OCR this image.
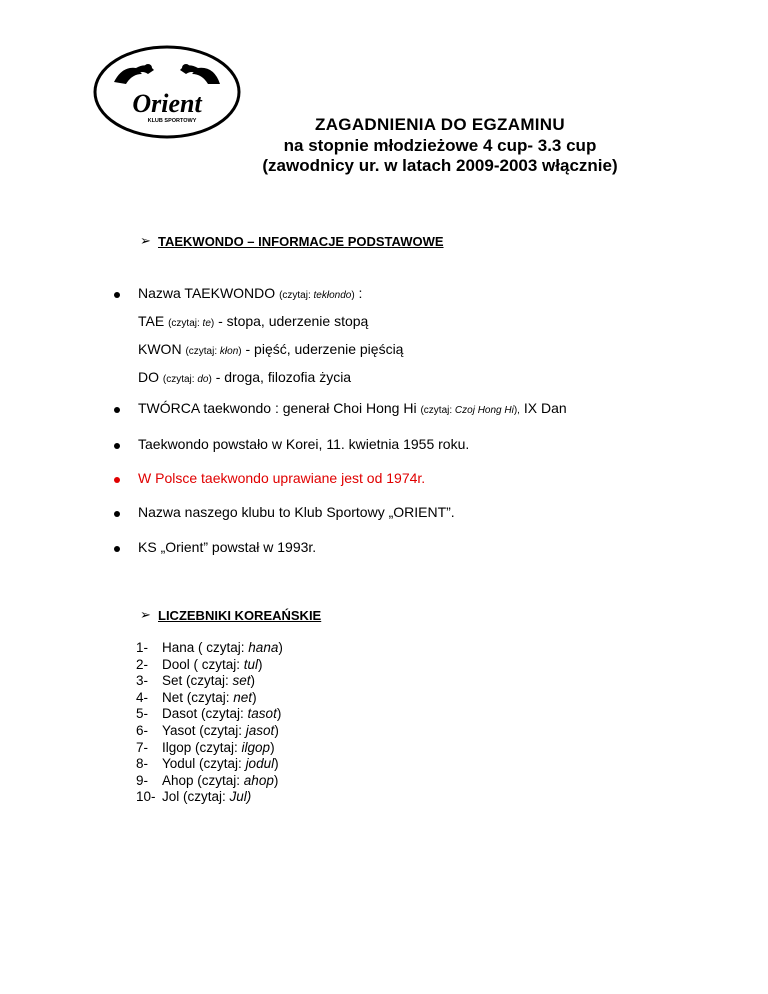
Orient
KLUB SPORTOWY	ZAGADNIENIA DO EGZAMINU
na stopnie młodzieżowe 4 cup- 3.3 cup
(zawodnicy ur. w latach 2009-2003 włącznie)
➢ TAEKWONDO – INFORMACJE PODSTAWOWE
Nazwa TAEKWONDO (czytaj: tekłondo) :
TAE (czytaj: te) - stopa, uderzenie stopą
KWON (czytaj: kłon) - pięść, uderzenie pięścią
DO (czytaj: do) - droga, filozofia życia
TWÓRCA taekwondo : generał Choi Hong Hi (czytaj: Czoj Hong Hi), IX Dan
Taekwondo powstało w Korei, 11. kwietnia 1955 roku.
W Polsce taekwondo uprawiane jest od 1974r.
Nazwa naszego klubu to Klub Sportowy „ORIENT”.
KS „Orient” powstał w 1993r.
➢ LICZEBNIKI KOREAŃSKIE
1- Hana ( czytaj: hana)
2- Dool ( czytaj: tul)
3- Set (czytaj: set)
4- Net (czytaj: net)
5- Dasot (czytaj: tasot)
6- Yasot (czytaj: jasot)
7- Ilgop (czytaj: ilgop)
8- Yodul (czytaj: jodul)
9- Ahop (czytaj: ahop)
10- Jol (czytaj: Jul)
